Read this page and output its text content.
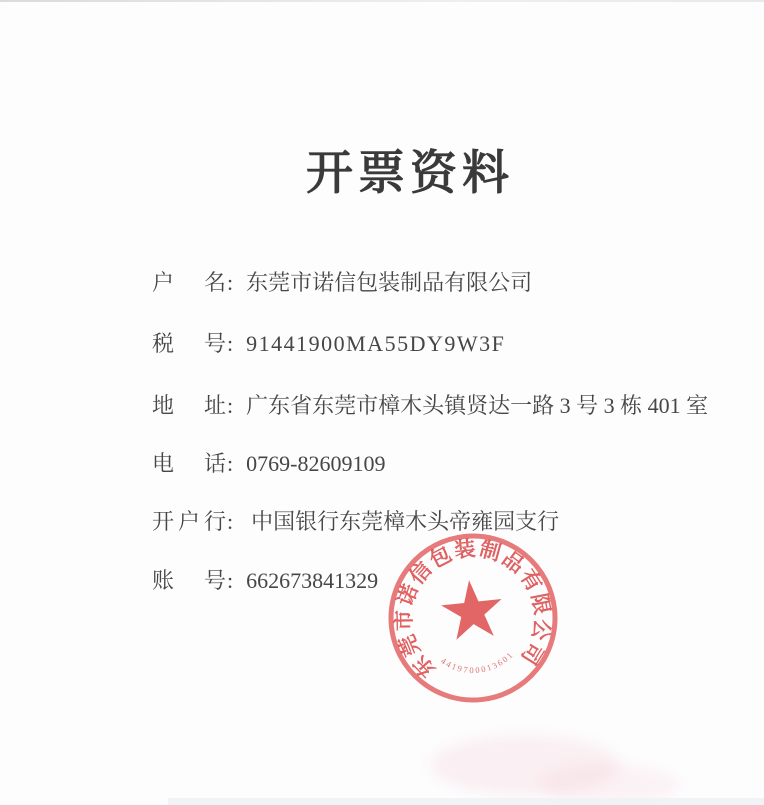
开票资料
户 名 : 东莞市诺信包装制品有限公司
税 号 : 91441900MA55DY9W3F
地 址 : 广东省东莞市樟木头镇贤达一路 3 号 3 栋 401 室
电 话 : 0769-82609109
开 户 行 : 中国银行东莞樟木头帝雍园支行
账 号 : 662673841329
东莞市诺信包装制品有限公司
4419700013601
